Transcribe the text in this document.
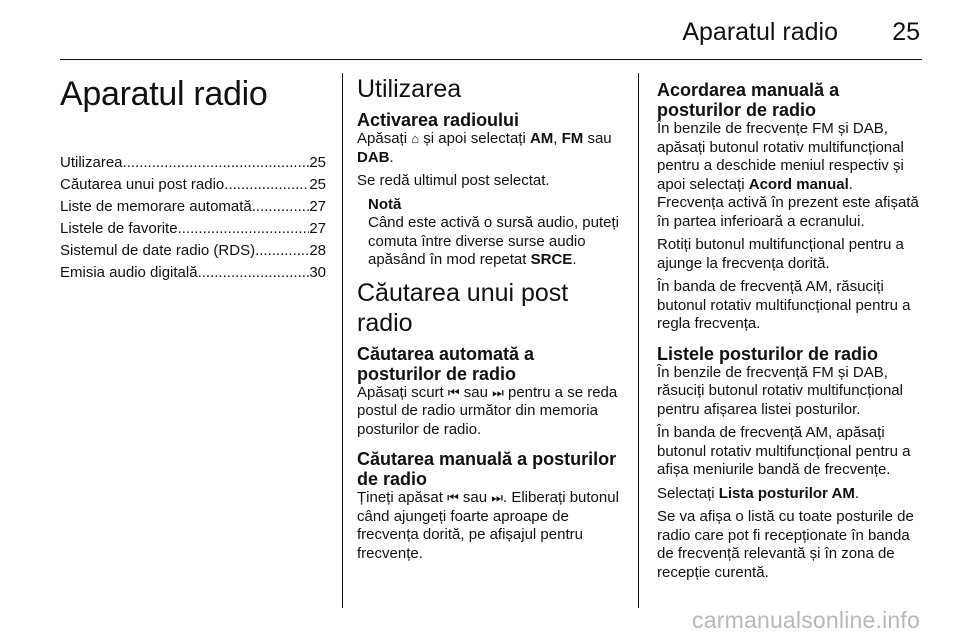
Aparatul radio 25
Aparatul radio
Utilizarea .....	25
Căutarea unui post radio .....	25
Liste de memorare automată .....	27
Listele de favorite .....	27
Sistemul de date radio (RDS) .....	28
Emisia audio digitală .....	30
Utilizarea
Activarea radioului

Apăsați ⌂ și apoi selectați AM, FM sau DAB.

Se redă ultimul post selectat.

Notă

Când este activă o sursă audio, puteți comuta între diverse surse audio apăsând în mod repetat SRCE.

Căutarea unui post radio
Căutarea automată a posturilor de radio

Apăsați scurt ⏮ sau ⏭ pentru a se reda postul de radio următor din memoria posturilor de radio.

Căutarea manuală a posturilor de radio

Țineți apăsat ⏮ sau ⏭. Eliberați butonul când ajungeți foarte aproape de frecvența dorită, pe afișajul pentru frecvențe.

Acordarea manuală a posturilor de radio

În benzile de frecvențe FM și DAB, apăsați butonul rotativ multifuncțional pentru a deschide meniul respectiv și apoi selectați Acord manual.

Frecvența activă în prezent este afișată în partea inferioară a ecranului.

Rotiți butonul multifuncțional pentru a ajunge la frecvența dorită.

În banda de frecvență AM, răsuciți butonul rotativ multifuncțional pentru a regla frecvența.

Listele posturilor de radio

În benzile de frecvență FM și DAB, răsuciți butonul rotativ multifuncțional pentru afișarea listei posturilor.

În banda de frecvență AM, apăsați butonul rotativ multifuncțional pentru a afișa meniurile bandă de frecvențe.

Selectați Lista posturilor AM.

Se va afișa o listă cu toate posturile de radio care pot fi recepționate în banda de frecvență relevantă și în zona de recepție curentă.

carmanualsonline.info
